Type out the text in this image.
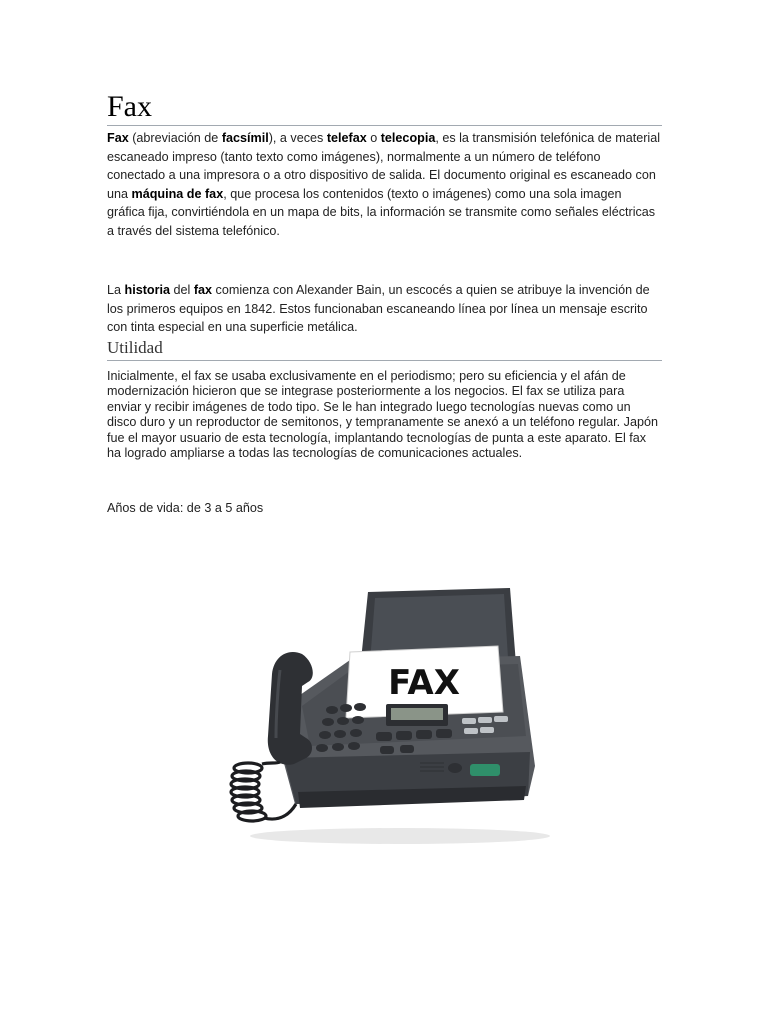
Fax

Fax (abreviación de facsímil), a veces telefax o telecopia, es la transmisión telefónica de material escaneado impreso (tanto texto como imágenes), normalmente a un número de teléfono conectado a una impresora o a otro dispositivo de salida. El documento original es escaneado con una máquina de fax, que procesa los contenidos (texto o imágenes) como una sola imagen gráfica fija, convirtiéndola en un mapa de bits, la información se transmite como señales eléctricas a través del sistema telefónico.

La historia del fax comienza con Alexander Bain, un escocés a quien se atribuye la invención de los primeros equipos en 1842. Estos funcionaban escaneando línea por línea un mensaje escrito con tinta especial en una superficie metálica.

Utilidad

Inicialmente, el fax se usaba exclusivamente en el periodismo; pero su eficiencia y el afán de modernización hicieron que se integrase posteriormente a los negocios. El fax se utiliza para enviar y recibir imágenes de todo tipo. Se le han integrado luego tecnologías nuevas como un disco duro y un reproductor de semitonos, y tempranamente se anexó a un teléfono regular. Japón fue el mayor usuario de esta tecnología, implantando tecnologías de punta a este aparato. El fax ha logrado ampliarse a todas las tecnologías de comunicaciones actuales.

Años de vida: de 3 a 5 años

FAX
